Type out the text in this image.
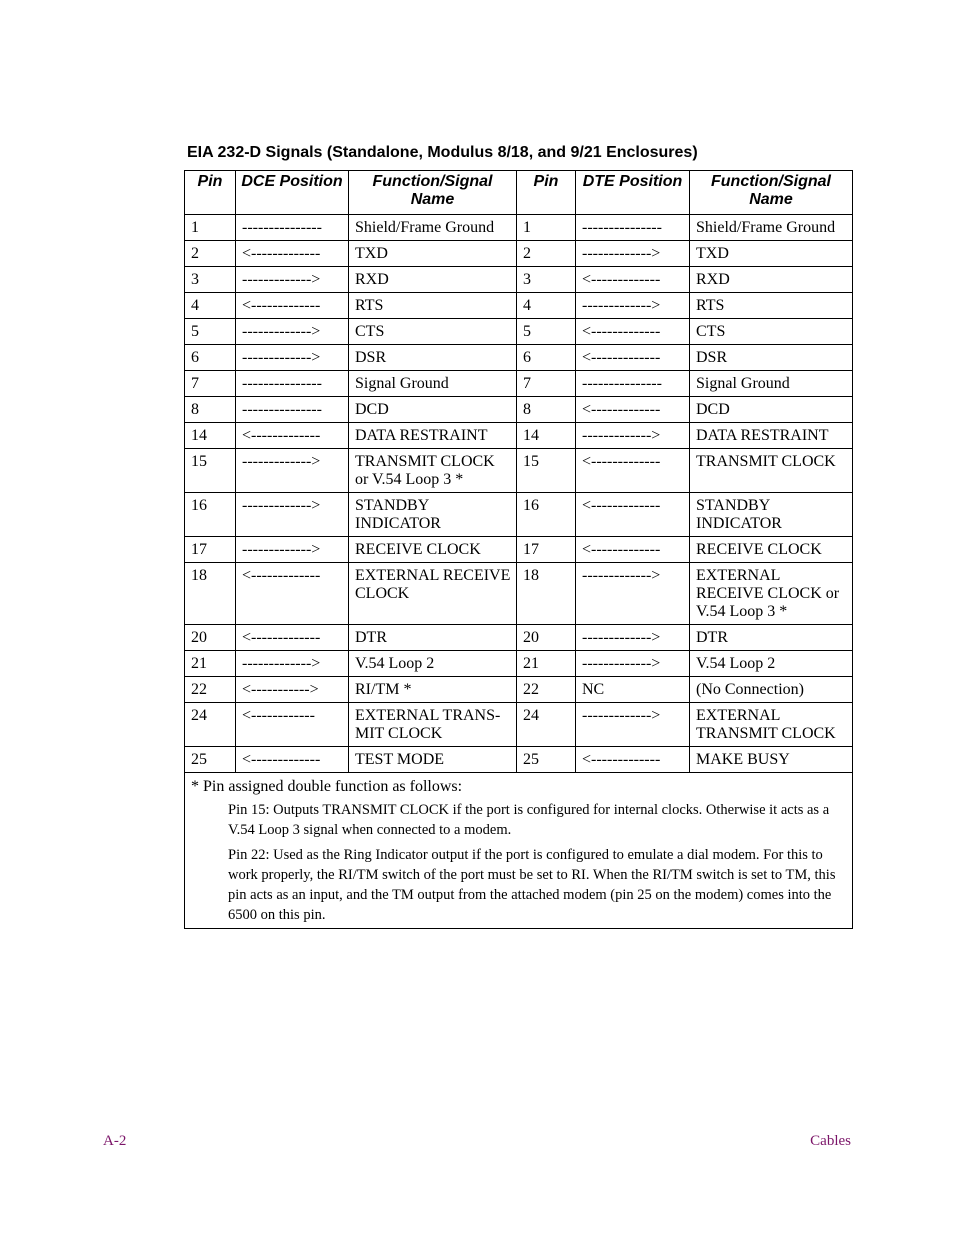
EIA 232-D Signals (Standalone, Modulus 8/18, and 9/21 Enclosures)
Pin	DCE Position	Function/Signal Name	Pin	DTE Position	Function/Signal Name
1	---------------	Shield/Frame Ground	1	---------------	Shield/Frame Ground
2	<-------------	TXD	2	------------->	TXD
3	------------->	RXD	3	<-------------	RXD
4	<-------------	RTS	4	------------->	RTS
5	------------->	CTS	5	<-------------	CTS
6	------------->	DSR	6	<-------------	DSR
7	---------------	Signal Ground	7	---------------	Signal Ground
8	---------------	DCD	8	<-------------	DCD
14	<-------------	DATA RESTRAINT	14	------------->	DATA RESTRAINT
15	------------->	TRANSMIT CLOCK or V.54 Loop 3 *	15	<-------------	TRANSMIT CLOCK
16	------------->	STANDBY INDICATOR	16	<-------------	STANDBY INDICATOR
17	------------->	RECEIVE CLOCK	17	<-------------	RECEIVE CLOCK
18	<-------------	EXTERNAL RECEIVE CLOCK	18	------------->	EXTERNAL RECEIVE CLOCK or V.54 Loop 3 *
20	<-------------	DTR	20	------------->	DTR
21	------------->	V.54 Loop 2	21	------------->	V.54 Loop 2
22	<----------->	RI/TM *	22	NC	(No Connection)
24	<------------	EXTERNAL TRANS- MIT CLOCK	24	------------->	EXTERNAL TRANSMIT CLOCK
25	<-------------	TEST MODE	25	<-------------	MAKE BUSY

* Pin assigned double function as follows:
Pin 15: Outputs TRANSMIT CLOCK if the port is configured for internal clocks. Otherwise it acts as a V.54 Loop 3 signal when connected to a modem.
Pin 22: Used as the Ring Indicator output if the port is configured to emulate a dial modem. For this to work properly, the RI/TM switch of the port must be set to RI. When the RI/TM switch is set to TM, this pin acts as an input, and the TM output from the attached modem (pin 25 on the modem) comes into the 6500 on this pin.					
A-2	Cables
